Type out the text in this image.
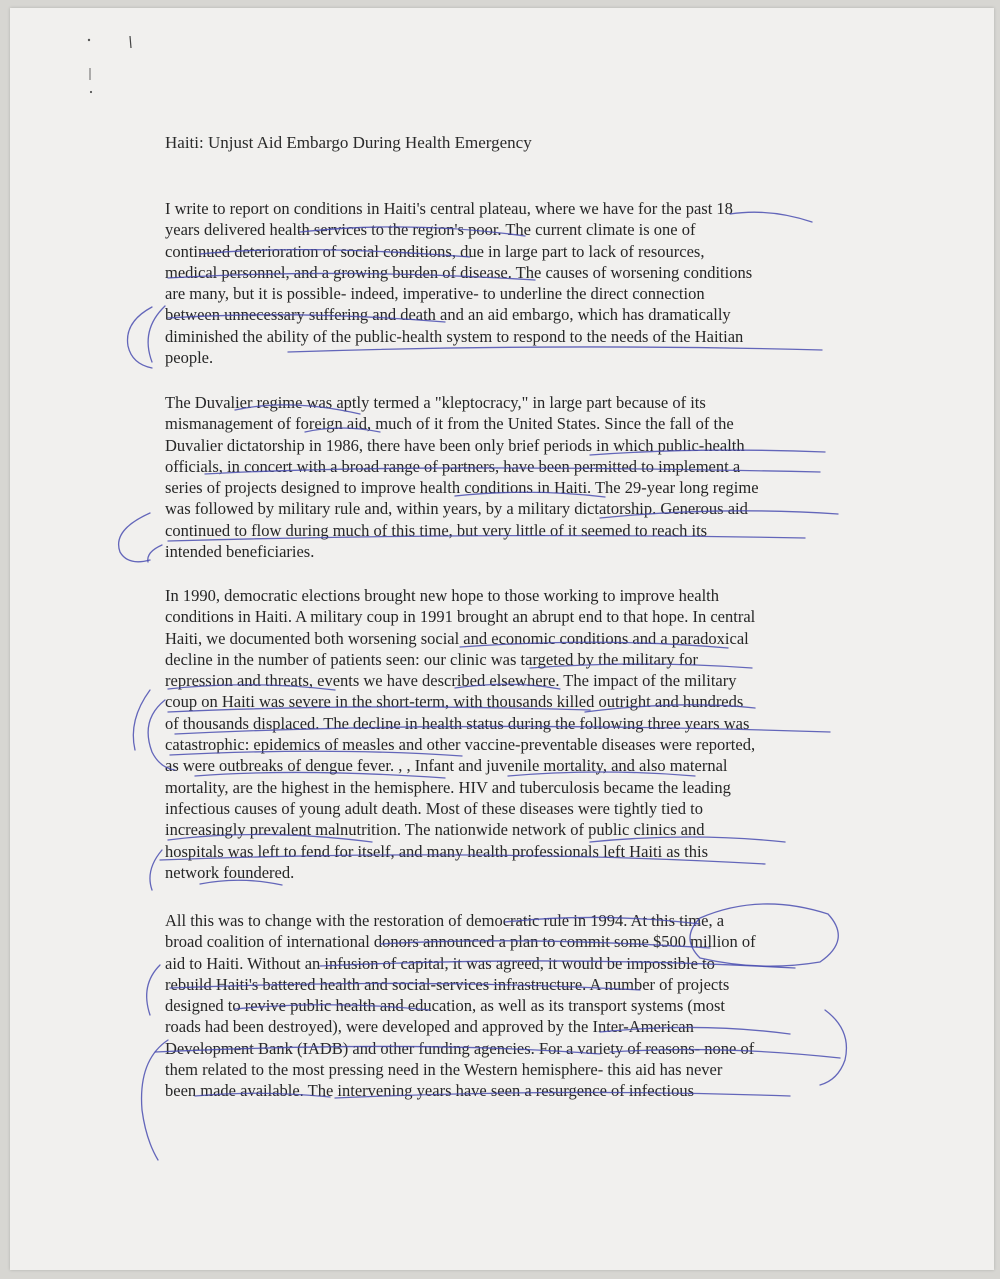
Haiti: Unjust Aid Embargo During Health Emergency
I write to report on conditions in Haiti's central plateau, where we have for the past 18
years delivered health services to the region's poor. The current climate is one of
continued deterioration of social conditions, due in large part to lack of resources,
medical personnel, and a growing burden of disease. The causes of worsening conditions
are many, but it is possible- indeed, imperative- to underline the direct connection
between unnecessary suffering and death and an aid embargo, which has dramatically
diminished the ability of the public-health system to respond to the needs of the Haitian
people.
The Duvalier regime was aptly termed a "kleptocracy," in large part because of its
mismanagement of foreign aid, much of it from the United States. Since the fall of the
Duvalier dictatorship in 1986, there have been only brief periods in which public-health
officials, in concert with a broad range of partners, have been permitted to implement a
series of projects designed to improve health conditions in Haiti. The 29-year long regime
was followed by military rule and, within years, by a military dictatorship. Generous aid
continued to flow during much of this time, but very little of it seemed to reach its
intended beneficiaries.
In 1990, democratic elections brought new hope to those working to improve health
conditions in Haiti. A military coup in 1991 brought an abrupt end to that hope. In central
Haiti, we documented both worsening social and economic conditions and a paradoxical
decline in the number of patients seen: our clinic was targeted by the military for
repression and threats, events we have described elsewhere. The impact of the military
coup on Haiti was severe in the short-term, with thousands killed outright and hundreds
of thousands displaced. The decline in health status during the following three years was
catastrophic: epidemics of measles and other vaccine-preventable diseases were reported,
as were outbreaks of dengue fever. , , Infant and juvenile mortality, and also maternal
mortality, are the highest in the hemisphere. HIV and tuberculosis became the leading
infectious causes of young adult death. Most of these diseases were tightly tied to
increasingly prevalent malnutrition. The nationwide network of public clinics and
hospitals was left to fend for itself, and many health professionals left Haiti as this
network foundered.
All this was to change with the restoration of democratic rule in 1994. At this time, a
broad coalition of international donors announced a plan to commit some $500 million of
aid to Haiti. Without an infusion of capital, it was agreed, it would be impossible to
rebuild Haiti's battered health and social-services infrastructure. A number of projects
designed to revive public health and education, as well as its transport systems (most
roads had been destroyed), were developed and approved by the Inter-American
Development Bank (IADB) and other funding agencies. For a variety of reasons- none of
them related to the most pressing need in the Western hemisphere- this aid has never
been made available. The intervening years have seen a resurgence of infectious
